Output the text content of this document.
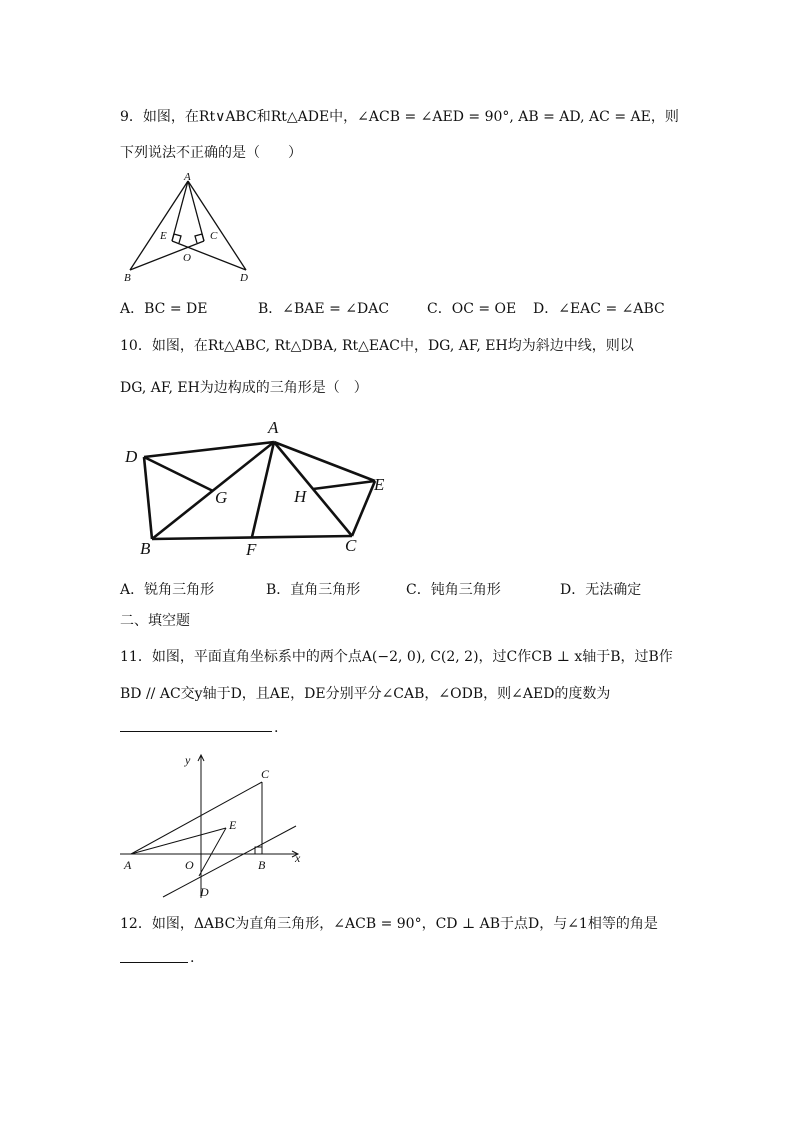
9．如图，在Rt∨ABC和Rt△ADE中，∠ACB = ∠AED = 90°, AB = AD, AC = AE，则
下列说法不正确的是（　　）
A
E	C
O
B	D
A．BC = DE	B．∠BAE = ∠DAC	C．OC = OE D．∠EAC = ∠ABC
10．如图，在Rt△ABC, Rt△DBA, Rt△EAC中，DG, AF, EH均为斜边中线，则以
DG, AF, EH为边构成的三角形是（　）
A
D
G	H
E
B	F	C
A．锐角三角形	B．直角三角形	C．钝角三角形	D．无法确定
二、填空题
11．如图，平面直角坐标系中的两个点A(−2, 0), C(2, 2)，过C作CB ⊥ x轴于B，过B作
BD // AC交y轴于D，且AE，DE分别平分∠CAB，∠ODB，则∠AED的度数为
.
y
C
E
A	O	B x
D
12．如图，ΔABC为直角三角形，∠ACB = 90°，CD ⊥ AB于点D，与∠1相等的角是
.
